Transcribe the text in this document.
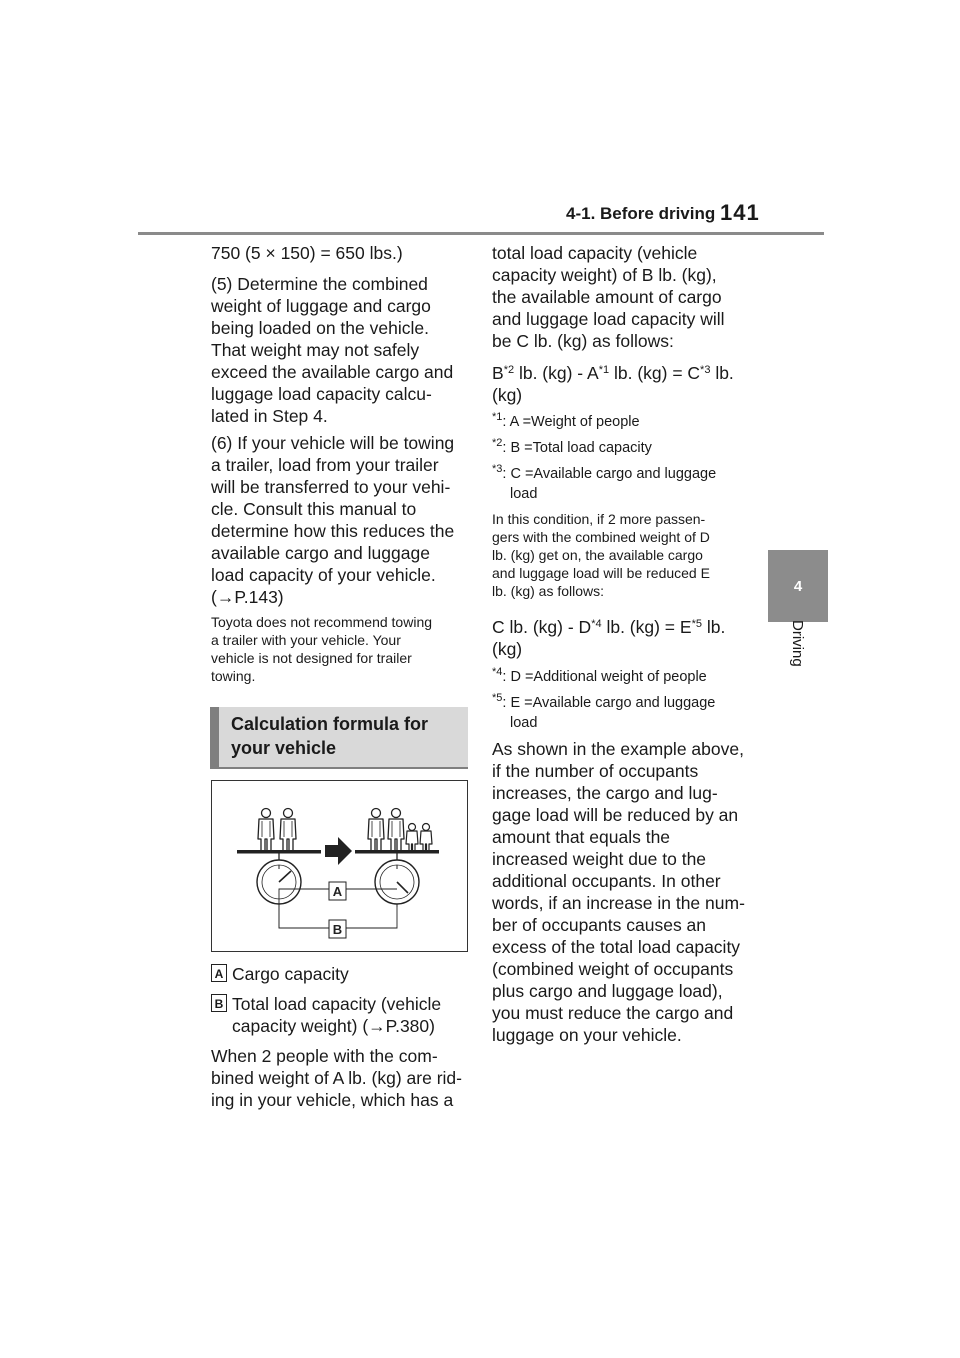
4-1. Before driving 141
4
Driving
750 (5 × 150) = 650 lbs.)
(5) Determine the combined
weight of luggage and cargo
being loaded on the vehicle.
That weight may not safely
exceed the available cargo and
luggage load capacity calcu-
lated in Step 4.
(6) If your vehicle will be towing
a trailer, load from your trailer
will be transferred to your vehi-
cle. Consult this manual to
determine how this reduces the
available cargo and luggage
load capacity of your vehicle.
(→P.143)
Toyota does not recommend towing
a trailer with your vehicle. Your
vehicle is not designed for trailer
towing.
Calculation formula for
your vehicle
A
B
A Cargo capacity
B Total load capacity (vehicle
capacity weight) (→P.380)
When 2 people with the com-
bined weight of A lb. (kg) are rid-
ing in your vehicle, which has a
total load capacity (vehicle
capacity weight) of B lb. (kg),
the available amount of cargo
and luggage load capacity will
be C lb. (kg) as follows:
$B^{*2}$ lb. $(kg) - A^{*1}$ lb. $(kg) = C^{*3}$ lb.
(kg)
$^{*1}$: A =Weight of people
$^{*2}$: B =Total load capacity
$^{*3}$: C =Available cargo and luggage
load
In this condition, if 2 more passen-
gers with the combined weight of D
lb. (kg) get on, the available cargo
and luggage load will be reduced E
lb. (kg) as follows:
C lb. $(kg) - D^{*4}$ lb. $(kg) = E^{*5}$ lb.
(kg)
$^{*4}$: D =Additional weight of people
$^{*5}$: E =Available cargo and luggage
load
As shown in the example above,
if the number of occupants
increases, the cargo and lug-
gage load will be reduced by an
amount that equals the
increased weight due to the
additional occupants. In other
words, if an increase in the num-
ber of occupants causes an
excess of the total load capacity
(combined weight of occupants
plus cargo and luggage load),
you must reduce the cargo and
luggage on your vehicle.
